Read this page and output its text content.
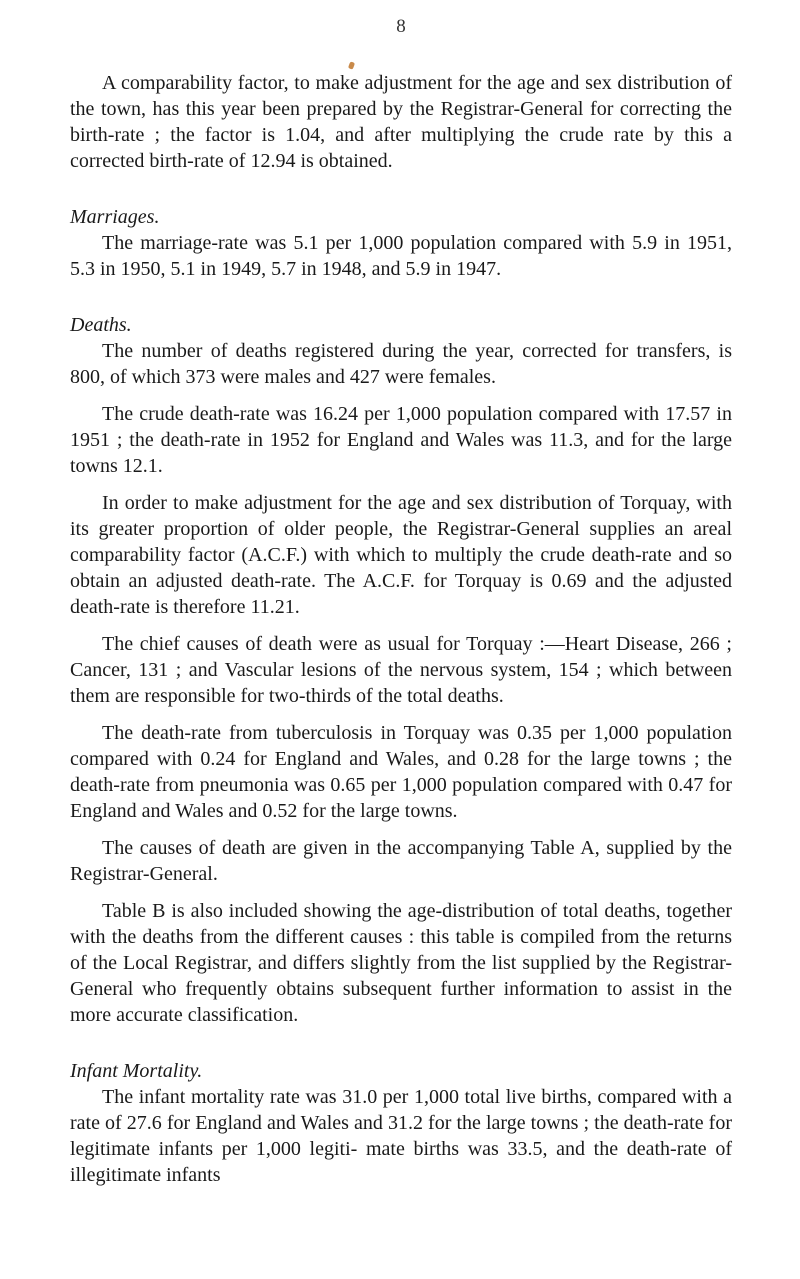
8

A comparability factor, to make adjustment for the age and sex distribution of the town, has this year been prepared by the Registrar-General for correcting the birth-rate ; the factor is 1.04, and after multiplying the crude rate by this a corrected birth-rate of 12.94 is obtained.

Marriages.

The marriage-rate was 5.1 per 1,000 population compared with 5.9 in 1951, 5.3 in 1950, 5.1 in 1949, 5.7 in 1948, and 5.9 in 1947.

Deaths.

The number of deaths registered during the year, corrected for transfers, is 800, of which 373 were males and 427 were females.

The crude death-rate was 16.24 per 1,000 population compared with 17.57 in 1951 ; the death-rate in 1952 for England and Wales was 11.3, and for the large towns 12.1.

In order to make adjustment for the age and sex distribution of Torquay, with its greater proportion of older people, the Registrar-General supplies an areal comparability factor (A.C.F.) with which to multiply the crude death-rate and so obtain an adjusted death-rate. The A.C.F. for Torquay is 0.69 and the adjusted death-rate is therefore 11.21.

The chief causes of death were as usual for Torquay :—Heart Disease, 266 ; Cancer, 131 ; and Vascular lesions of the nervous system, 154 ; which between them are responsible for two-thirds of the total deaths.

The death-rate from tuberculosis in Torquay was 0.35 per 1,000 population compared with 0.24 for England and Wales, and 0.28 for the large towns ; the death-rate from pneumonia was 0.65 per 1,000 population compared with 0.47 for England and Wales and 0.52 for the large towns.

The causes of death are given in the accompanying Table A, supplied by the Registrar-General.

Table B is also included showing the age-distribution of total deaths, together with the deaths from the different causes : this table is compiled from the returns of the Local Registrar, and differs slightly from the list supplied by the Registrar-General who frequently obtains subsequent further information to assist in the more accurate classification.

Infant Mortality.

The infant mortality rate was 31.0 per 1,000 total live births, compared with a rate of 27.6 for England and Wales and 31.2 for the large towns ; the death-rate for legitimate infants per 1,000 legiti- mate births was 33.5, and the death-rate of illegitimate infants
